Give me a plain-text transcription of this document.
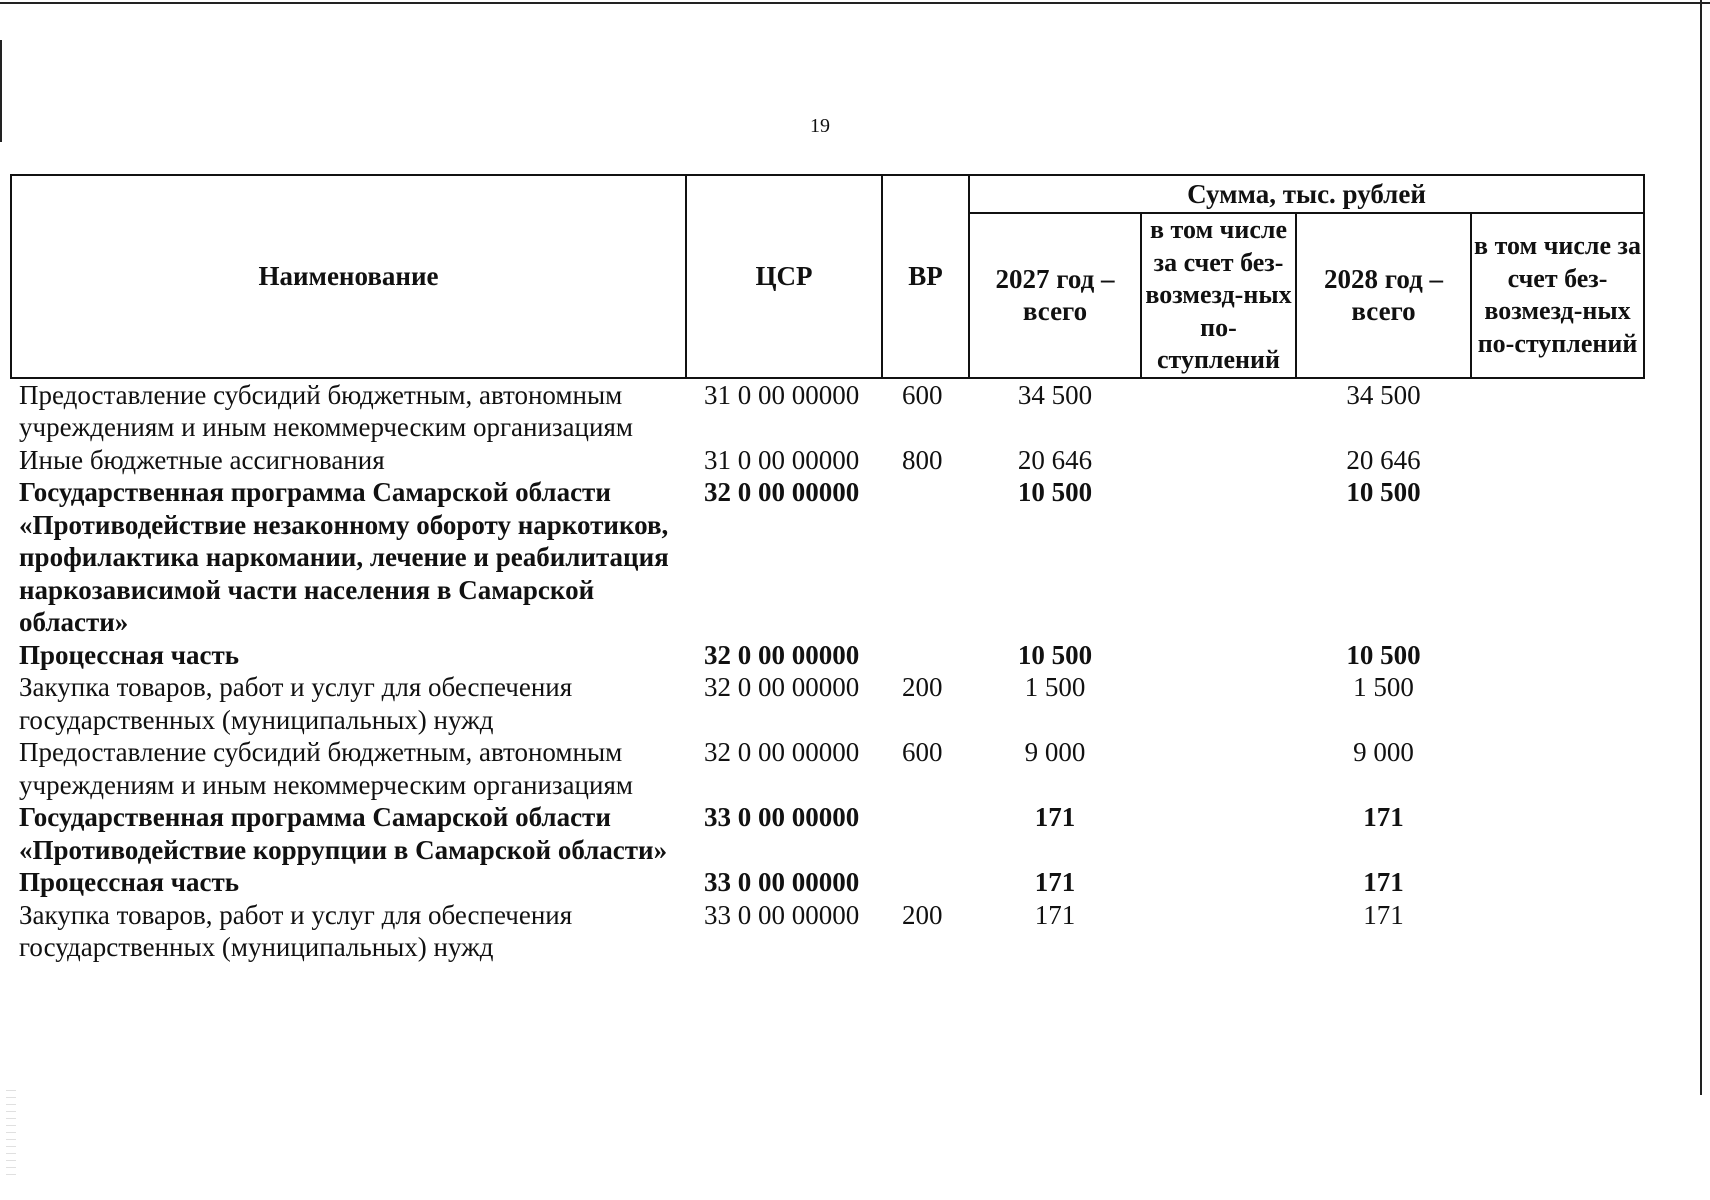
19
Наименование	ЦСР	ВР	Сумма, тыс. рублей			
			2027 год – всего	в том числе за счет без-возмезд-ных по-ступлений	2028 год – всего	в том числе за счет без-возмезд-ных по-ступлений
Предоставление субсидий бюджетным, автономным учреждениям и иным некоммерческим организациям	31 0 00 00000	600	34 500		34 500	
Иные бюджетные ассигнования	31 0 00 00000	800	20 646		20 646	
Государственная программа Самарской области «Противодействие незаконному обороту наркотиков, профилактика наркомании, лечение и реабилитация наркозависимой части населения в Самарской области»	32 0 00 00000		10 500		10 500	
Процессная часть	32 0 00 00000		10 500		10 500	
Закупка товаров, работ и услуг для обеспечения государственных (муниципальных) нужд	32 0 00 00000	200	1 500		1 500	
Предоставление субсидий бюджетным, автономным учреждениям и иным некоммерческим организациям	32 0 00 00000	600	9 000		9 000	
Государственная программа Самарской области «Противодействие коррупции в Самарской области»	33 0 00 00000		171		171	
Процессная часть	33 0 00 00000		171		171	
Закупка товаров, работ и услуг для обеспечения государственных (муниципальных) нужд	33 0 00 00000	200	171		171	
